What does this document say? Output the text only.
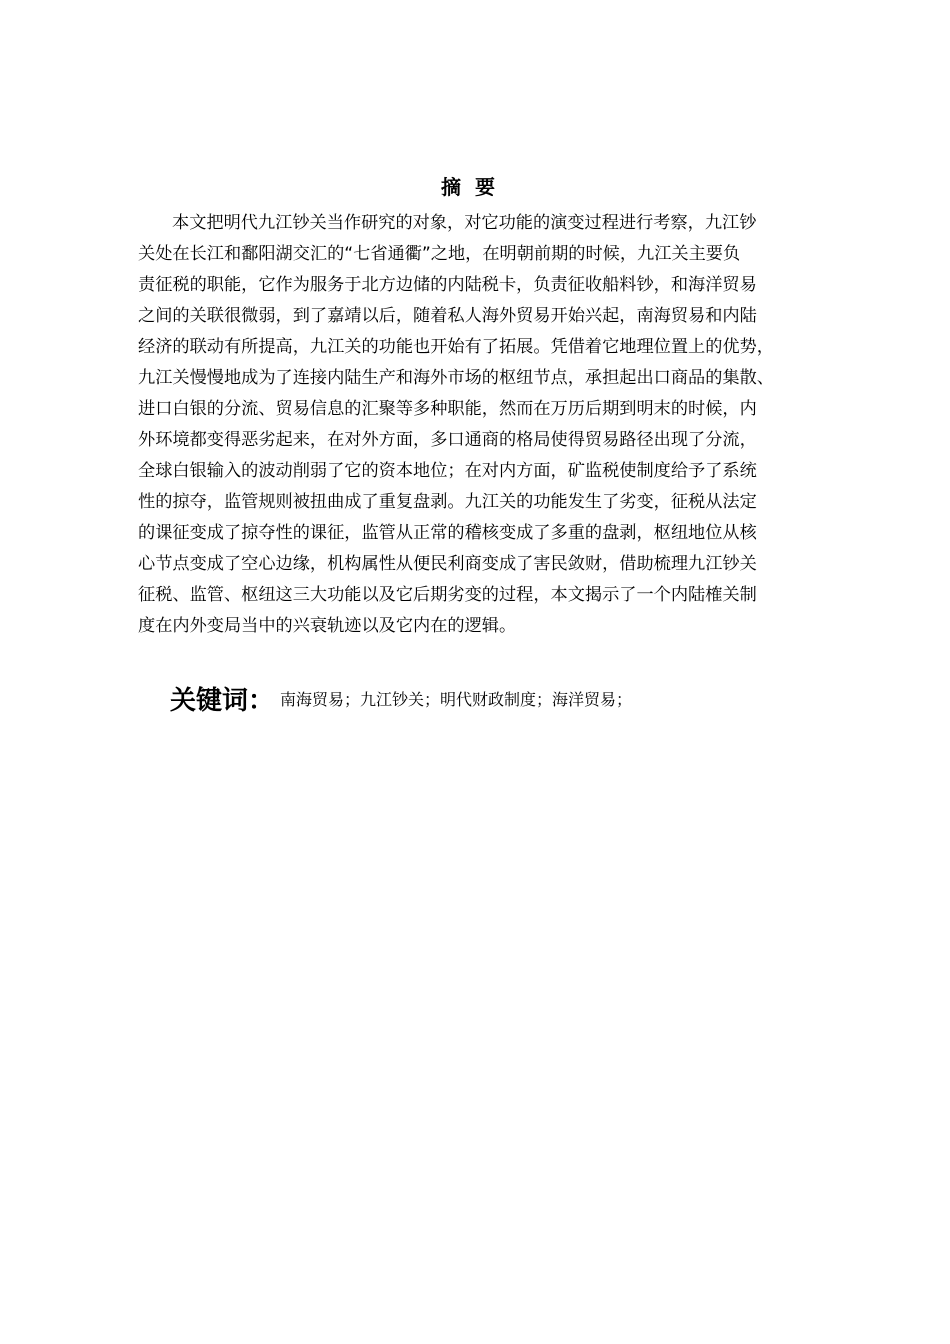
摘要
本文把明代九江钞关当作研究的对象，对它功能的演变过程进行考察，九江钞
关处在长江和鄱阳湖交汇的“七省通衢”之地，在明朝前期的时候，九江关主要负
责征税的职能，它作为服务于北方边储的内陆税卡，负责征收船料钞，和海洋贸易
之间的关联很微弱，到了嘉靖以后，随着私人海外贸易开始兴起，南海贸易和内陆
经济的联动有所提高，九江关的功能也开始有了拓展。凭借着它地理位置上的优势，
九江关慢慢地成为了连接内陆生产和海外市场的枢纽节点，承担起出口商品的集散、
进口白银的分流、贸易信息的汇聚等多种职能，然而在万历后期到明末的时候，内
外环境都变得恶劣起来，在对外方面，多口通商的格局使得贸易路径出现了分流，
全球白银输入的波动削弱了它的资本地位；在对内方面，矿监税使制度给予了系统
性的掠夺，监管规则被扭曲成了重复盘剥。九江关的功能发生了劣变，征税从法定
的课征变成了掠夺性的课征，监管从正常的稽核变成了多重的盘剥，枢纽地位从核
心节点变成了空心边缘，机构属性从便民利商变成了害民敛财，借助梳理九江钞关
征税、监管、枢纽这三大功能以及它后期劣变的过程，本文揭示了一个内陆榷关制
度在内外变局当中的兴衰轨迹以及它内在的逻辑。
关键词： 南海贸易；九江钞关；明代财政制度；海洋贸易；
